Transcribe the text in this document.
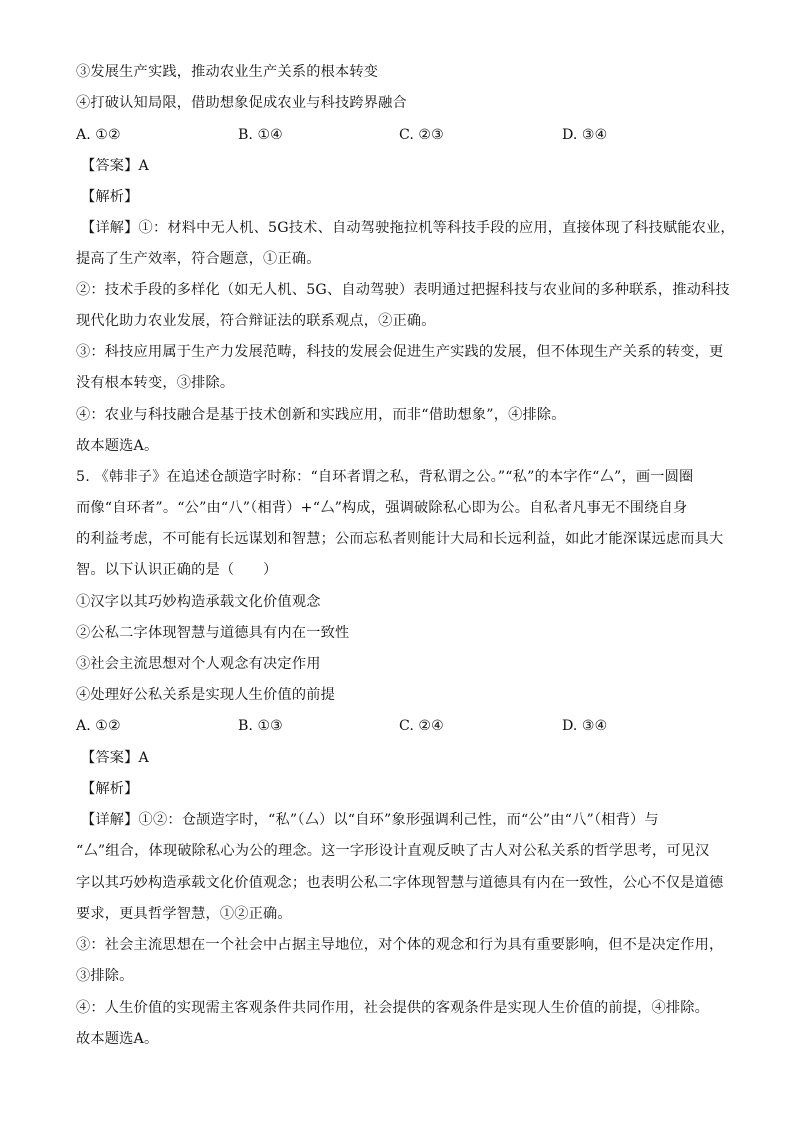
③发展生产实践，推动农业生产关系的根本转变
④打破认知局限，借助想象促成农业与科技跨界融合
A. ①②	B. ①④	C. ②③	D. ③④
【答案】A
【解析】
【详解】①：材料中无人机、5G技术、自动驾驶拖拉机等科技手段的应用，直接体现了科技赋能农业，
提高了生产效率，符合题意，①正确。
②：技术手段的多样化（如无人机、5G、自动驾驶）表明通过把握科技与农业间的多种联系，推动科技
现代化助力农业发展，符合辩证法的联系观点，②正确。
③：科技应用属于生产力发展范畴，科技的发展会促进生产实践的发展，但不体现生产关系的转变，更
没有根本转变，③排除。
④：农业与科技融合是基于技术创新和实践应用，而非“借助想象”，④排除。
故本题选A。
5. 《韩非子》在追述仓颉造字时称：“自环者谓之私，背私谓之公。”“私”的本字作“厶”，画一圆圈
而像“自环者”。“公”由“八”（相背）+“厶”构成，强调破除私心即为公。自私者凡事无不围绕自身
的利益考虑，不可能有长远谋划和智慧；公而忘私者则能计大局和长远利益，如此才能深谋远虑而具大
智。以下认识正确的是（　　）
①汉字以其巧妙构造承载文化价值观念
②公私二字体现智慧与道德具有内在一致性
③社会主流思想对个人观念有决定作用
④处理好公私关系是实现人生价值的前提
A. ①②	B. ①③	C. ②④	D. ③④
【答案】A
【解析】
【详解】①②：仓颉造字时，“私”（厶）以“自环”象形强调利己性，而“公”由“八”（相背）与
“厶”组合，体现破除私心为公的理念。这一字形设计直观反映了古人对公私关系的哲学思考，可见汉
字以其巧妙构造承载文化价值观念；也表明公私二字体现智慧与道德具有内在一致性，公心不仅是道德
要求，更具哲学智慧，①②正确。
③：社会主流思想在一个社会中占据主导地位，对个体的观念和行为具有重要影响，但不是决定作用，
③排除。
④：人生价值的实现需主客观条件共同作用，社会提供的客观条件是实现人生价值的前提，④排除。
故本题选A。
